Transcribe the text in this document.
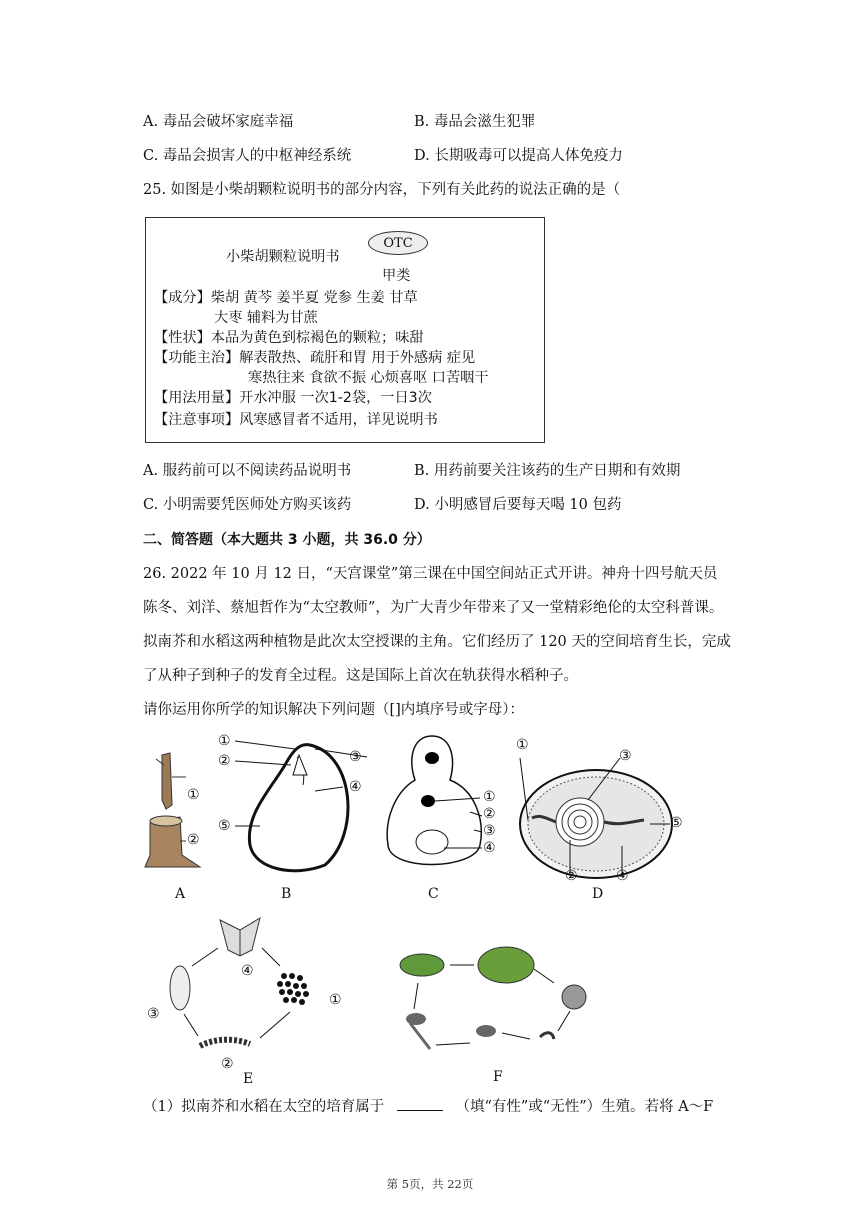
A. 毒品会破坏家庭幸福	B. 毒品会滋生犯罪
C. 毒品会损害人的中枢神经系统	D. 长期吸毒可以提高人体免疫力
25. 如图是小柴胡颗粒说明书的部分内容，下列有关此药的说法正确的是（
小柴胡颗粒说明书
OTC
甲类
【成分】柴胡 黄芩 姜半夏 党参 生姜 甘草
大枣 辅料为甘蔗
【性状】本品为黄色到棕褐色的颗粒；味甜
【功能主治】解表散热、疏肝和胃 用于外感病 症见
寒热往来 食欲不振 心烦喜呕 口苦咽干
【用法用量】开水冲服 一次1-2袋，一日3次
【注意事项】风寒感冒者不适用，详见说明书
A. 服药前可以不阅读药品说明书	B. 用药前要关注该药的生产日期和有效期
C. 小明需要凭医师处方购买该药	D. 小明感冒后要每天喝 10 包药
二、简答题（本大题共 3 小题，共 36.0 分）
26. 2022 年 10 月 12 日，“天宫课堂”第三课在中国空间站正式开讲。神舟十四号航天员
陈冬、刘洋、蔡旭哲作为“太空教师”，为广大青少年带来了又一堂精彩绝伦的太空科普课。
拟南芥和水稻这两种植物是此次太空授课的主角。它们经历了 120 天的空间培育生长，完成
了从种子到种子的发育全过程。这是国际上首次在轨获得水稻种子。
请你运用你所学的知识解决下列问题（[]内填序号或字母）：
①
②
A
①
②	③
④
⑤
B
①
②
③
④
C
①
③
⑤
②	④
D
④
①
③
②
E	F
（1）拟南芥和水稻在太空的培育属于	（填“有性”或“无性”）生殖。若将 A～F
第 5页，共 22页
